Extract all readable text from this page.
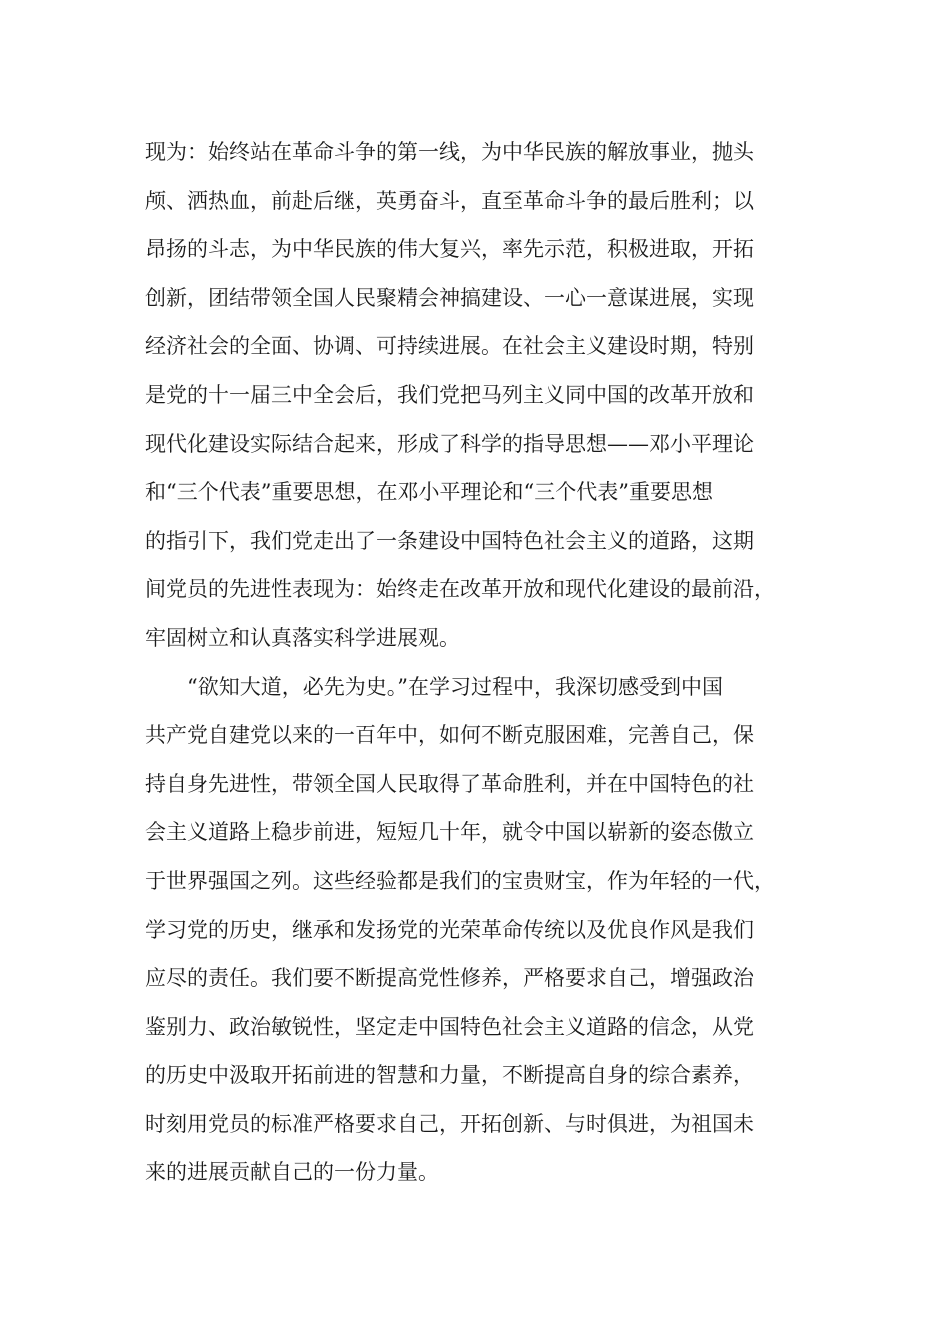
现为：始终站在革命斗争的第一线，为中华民族的解放事业，抛头
颅、洒热血，前赴后继，英勇奋斗，直至革命斗争的最后胜利；以
昂扬的斗志，为中华民族的伟大复兴，率先示范，积极进取，开拓
创新，团结带领全国人民聚精会神搞建设、一心一意谋进展，实现
经济社会的全面、协调、可持续进展。在社会主义建设时期，特别
是党的十一届三中全会后，我们党把马列主义同中国的改革开放和
现代化建设实际结合起来，形成了科学的指导思想——邓小平理论
和“三个代表”重要思想，在邓小平理论和“三个代表”重要思想
的指引下，我们党走出了一条建设中国特色社会主义的道路，这期
间党员的先进性表现为：始终走在改革开放和现代化建设的最前沿，
牢固树立和认真落实科学进展观。
“欲知大道，必先为史。”在学习过程中，我深切感受到中国
共产党自建党以来的一百年中，如何不断克服困难，完善自己，保
持自身先进性，带领全国人民取得了革命胜利，并在中国特色的社
会主义道路上稳步前进，短短几十年，就令中国以崭新的姿态傲立
于世界强国之列。这些经验都是我们的宝贵财宝，作为年轻的一代，
学习党的历史，继承和发扬党的光荣革命传统以及优良作风是我们
应尽的责任。我们要不断提高党性修养，严格要求自己，增强政治
鉴别力、政治敏锐性，坚定走中国特色社会主义道路的信念，从党
的历史中汲取开拓前进的智慧和力量，不断提高自身的综合素养，
时刻用党员的标准严格要求自己，开拓创新、与时俱进，为祖国未
来的进展贡献自己的一份力量。
